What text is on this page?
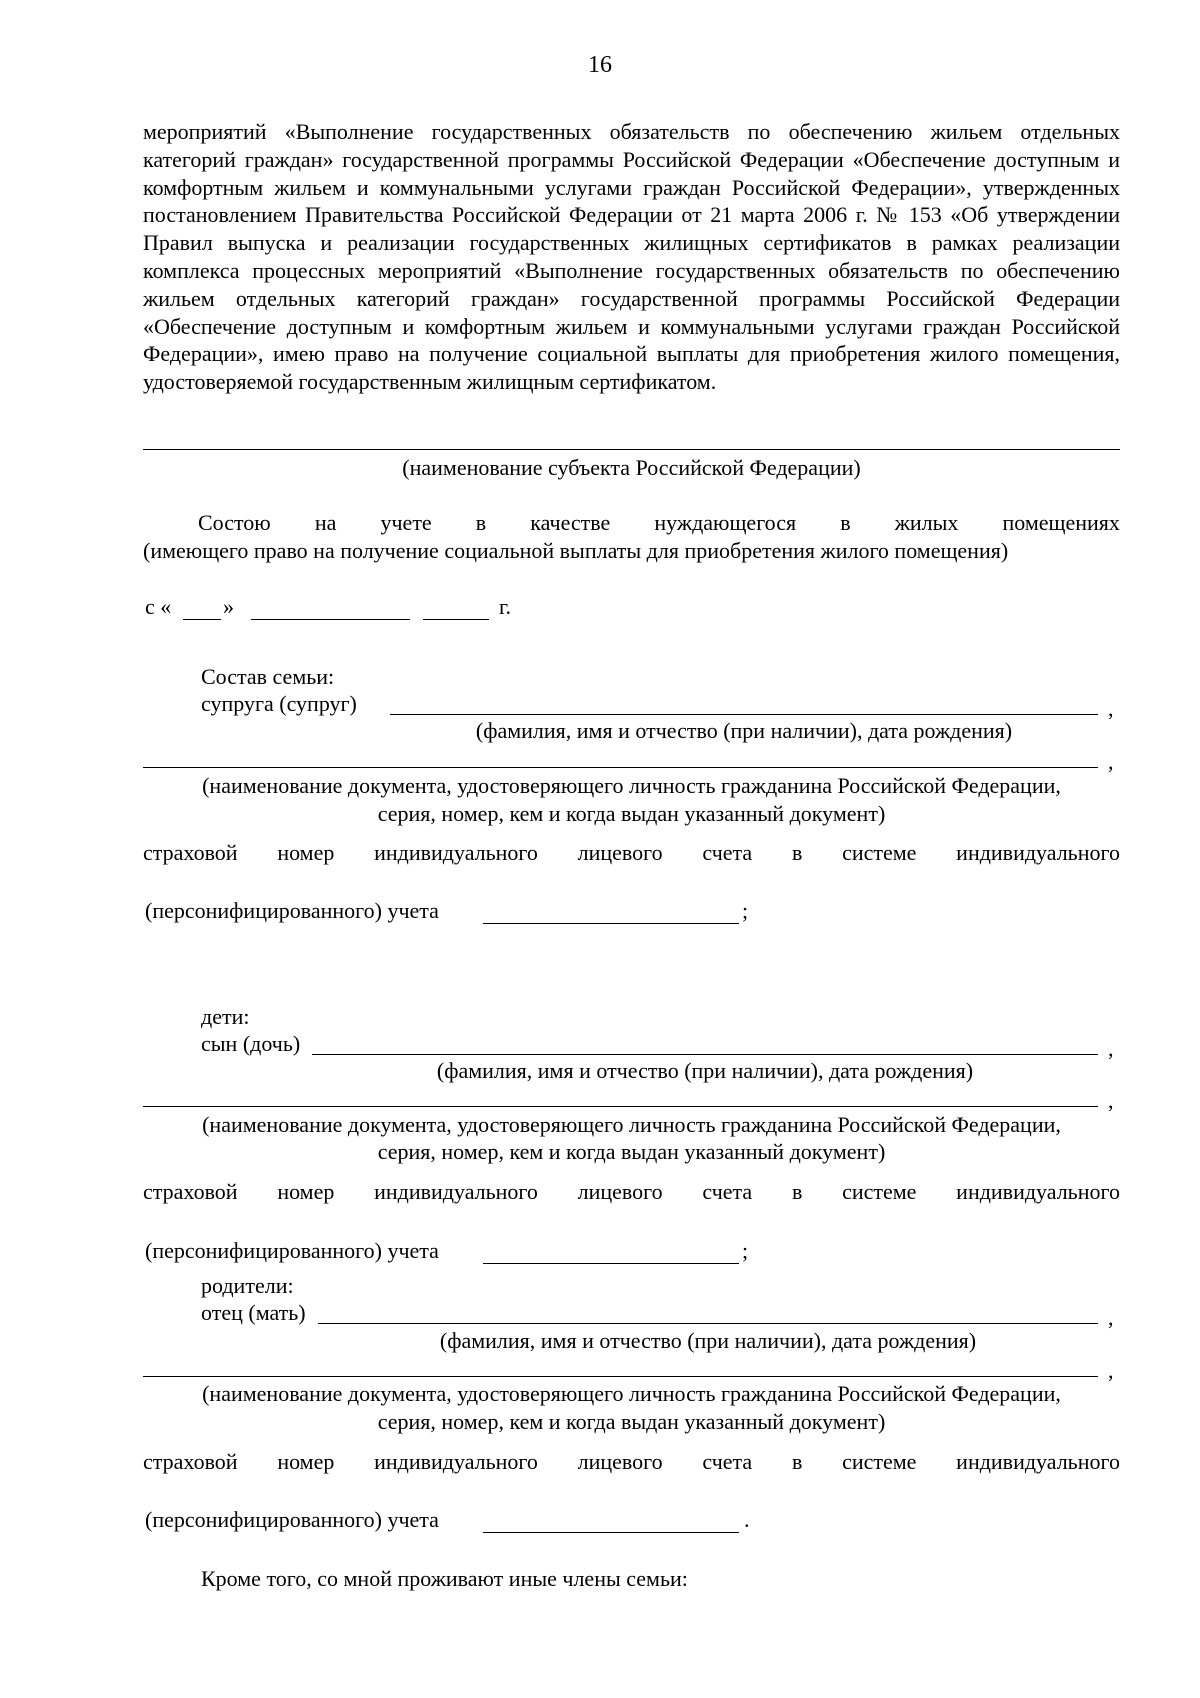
16
мероприятий «Выполнение государственных обязательств по обеспечению жильем отдельных категорий граждан» государственной программы Российской Федерации «Обеспечение доступным и комфортным жильем и коммунальными услугами граждан Российской Федерации», утвержденных постановлением Правительства Российской Федерации от 21 марта 2006 г. № 153 «Об утверждении Правил выпуска и реализации государственных жилищных сертификатов в рамках реализации комплекса процессных мероприятий «Выполнение государственных обязательств по обеспечению жильем отдельных категорий граждан» государственной программы Российской Федерации «Обеспечение доступным и комфортным жильем и коммунальными услугами граждан Российской Федерации», имею право на получение социальной выплаты для приобретения жилого помещения, удостоверяемой государственным жилищным сертификатом.
(наименование субъекта Российской Федерации)
Состою на учете в качестве нуждающегося в жилых помещениях
(имеющего право на получение социальной выплаты для приобретения жилого помещения)
с « »	г.
Состав семьи:
супруга (супруг)	,
(фамилия, имя и отчество (при наличии), дата рождения)
,
(наименование документа, удостоверяющего личность гражданина Российской Федерации,
серия, номер, кем и когда выдан указанный документ)
страховой номер индивидуального лицевого счета в системе индивидуального
(персонифицированного) учета	;
дети:
сын (дочь)	,
(фамилия, имя и отчество (при наличии), дата рождения)
,
(наименование документа, удостоверяющего личность гражданина Российской Федерации,
серия, номер, кем и когда выдан указанный документ)
страховой номер индивидуального лицевого счета в системе индивидуального
(персонифицированного) учета	;
родители:
отец (мать)	,
(фамилия, имя и отчество (при наличии), дата рождения)
,
(наименование документа, удостоверяющего личность гражданина Российской Федерации,
серия, номер, кем и когда выдан указанный документ)
страховой номер индивидуального лицевого счета в системе индивидуального
(персонифицированного) учета	.
Кроме того, со мной проживают иные члены семьи:
